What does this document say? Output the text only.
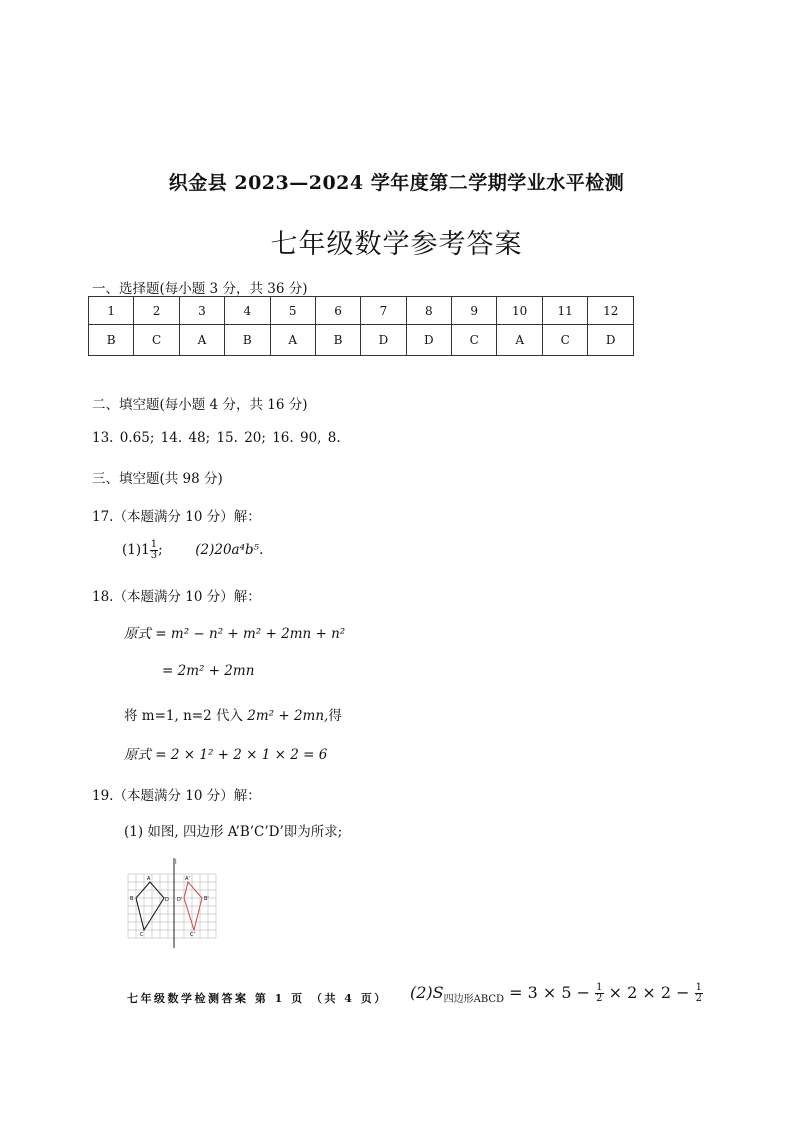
织金县 2023—2024 学年度第二学期学业水平检测
七年级数学参考答案
一、选择题(每小题 3 分，共 36 分)
1	2	3	4	5	6	7	8	9	10	11	12
B	C	A	B	A	B	D	D	C	A	C	D
二、填空题(每小题 4 分，共 16 分)
13. 0.65; 14. 48; 15. 20; 16. 90, 8.
三、填空题(共 98 分)
17.（本题满分 10 分）解：
$(1)1 \frac{1}{3}$ ; (2)20a⁴b⁵.
18.（本题满分 10 分）解：
原式 = m² − n² + m² + 2mn + n²
= 2m² + 2mn
将 m=1, n=2 代入 2m² + 2mn,得
原式 = 2 × 1² + 2 × 1 × 2 = 6
19.（本题满分 10 分）解：
(1) 如图, 四边形 A’B’C’D’即为所求;
l
A
B
C
D
A'
B'
C'
D'
七年级数学检测答案 第 1 页 （共 4 页） $(2)S_{四边形ABCD} = 3 \times 5 - \frac{1}{2} \times 2 \times 2 - \frac{1}{2}$
